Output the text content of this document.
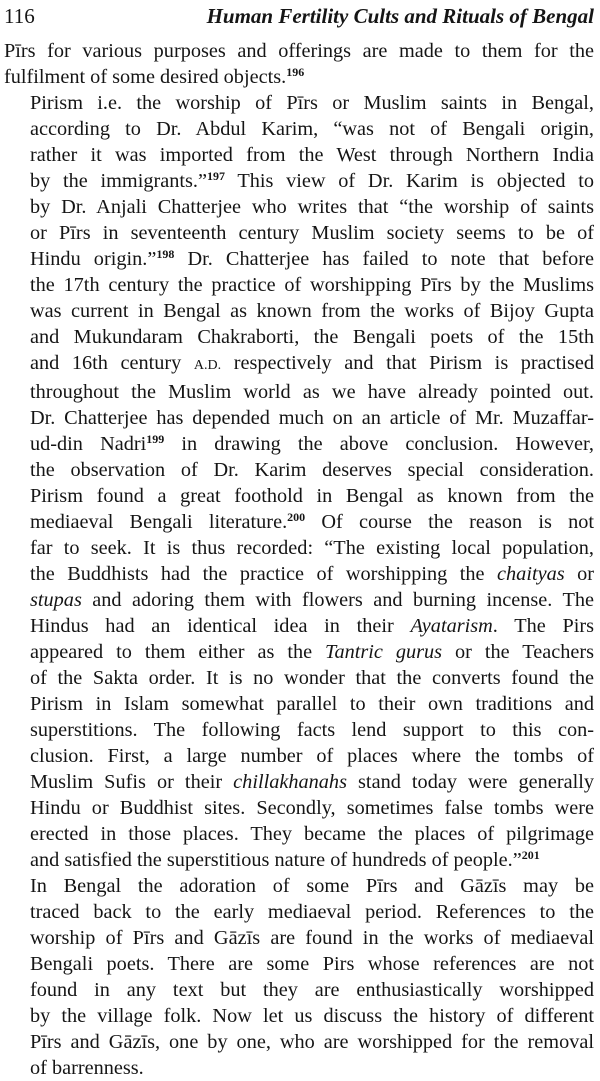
116	Human Fertility Cults and Rituals of Bengal

Pīrs for various purposes and offerings are made to them for the
fulfilment of some desired objects.$^{196}$

Pirism i.e. the worship of Pīrs or Muslim saints in Bengal,
according to Dr. Abdul Karim, “was not of Bengali origin,
rather it was imported from the West through Northern India
by the immigrants.”$^{197}$ This view of Dr. Karim is objected to
by Dr. Anjali Chatterjee who writes that “the worship of saints
or Pīrs in seventeenth century Muslim society seems to be of
Hindu origin.”$^{198}$ Dr. Chatterjee has failed to note that before
the 17th century the practice of worshipping Pīrs by the Muslims
was current in Bengal as known from the works of Bijoy Gupta
and Mukundaram Chakraborti, the Bengali poets of the 15th
and 16th century A.D. respectively and that Pirism is practised
throughout the Muslim world as we have already pointed out.
Dr. Chatterjee has depended much on an article of Mr. Muzaffar-
ud-din Nadri$^{199}$ in drawing the above conclusion. However,
the observation of Dr. Karim deserves special consideration.
Pirism found a great foothold in Bengal as known from the
mediaeval Bengali literature.$^{200}$ Of course the reason is not
far to seek. It is thus recorded: “The existing local population,
the Buddhists had the practice of worshipping the chaityas or
stupas and adoring them with flowers and burning incense. The
Hindus had an identical idea in their Ayatarism. The Pirs
appeared to them either as the Tantric gurus or the Teachers
of the Sakta order. It is no wonder that the converts found the
Pirism in Islam somewhat parallel to their own traditions and
superstitions. The following facts lend support to this con-
clusion. First, a large number of places where the tombs of
Muslim Sufis or their chillakhanahs stand today were generally
Hindu or Buddhist sites. Secondly, sometimes false tombs were
erected in those places. They became the places of pilgrimage
and satisfied the superstitious nature of hundreds of people.”$^{201}$

In Bengal the adoration of some Pīrs and Gāzīs may be
traced back to the early mediaeval period. References to the
worship of Pīrs and Gāzīs are found in the works of mediaeval
Bengali poets. There are some Pirs whose references are not
found in any text but they are enthusiastically worshipped
by the village folk. Now let us discuss the history of different
Pīrs and Gāzīs, one by one, who are worshipped for the removal
of barrenness.
